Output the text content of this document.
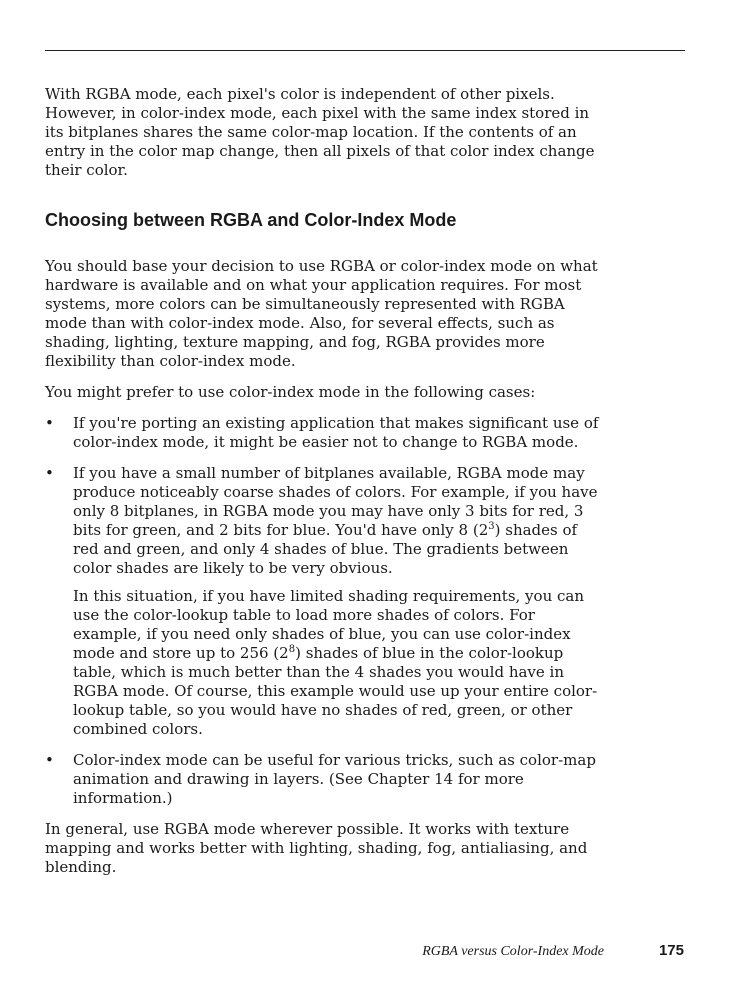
With RGBA mode, each pixel's color is independent of other pixels. However, in color-index mode, each pixel with the same index stored in its bitplanes shares the same color-map location. If the contents of an entry in the color map change, then all pixels of that color index change their color.

Choosing between RGBA and Color-Index Mode

You should base your decision to use RGBA or color-index mode on what hardware is available and on what your application requires. For most systems, more colors can be simultaneously represented with RGBA mode than with color-index mode. Also, for several effects, such as shading, lighting, texture mapping, and fog, RGBA provides more flexibility than color-index mode.

You might prefer to use color-index mode in the following cases:

•	If you're porting an existing application that makes significant use of color-index mode, it might be easier not to change to RGBA mode.

•	If you have a small number of bitplanes available, RGBA mode may produce noticeably coarse shades of colors. For example, if you have only 8 bitplanes, in RGBA mode you may have only 3 bits for red, 3 bits for green, and 2 bits for blue. You'd have only 8 $(2^3)$ shades of red and green, and only 4 shades of blue. The gradients between color shades are likely to be very obvious.

In this situation, if you have limited shading requirements, you can use the color-lookup table to load more shades of colors. For example, if you need only shades of blue, you can use color-index mode and store up to 256 $(2^8)$ shades of blue in the color-lookup table, which is much better than the 4 shades you would have in RGBA mode. Of course, this example would use up your entire color-lookup table, so you would have no shades of red, green, or other combined colors.

•	Color-index mode can be useful for various tricks, such as color-map animation and drawing in layers. (See Chapter 14 for more information.)

In general, use RGBA mode wherever possible. It works with texture mapping and works better with lighting, shading, fog, antialiasing, and blending.

RGBA versus Color-Index Mode	175
